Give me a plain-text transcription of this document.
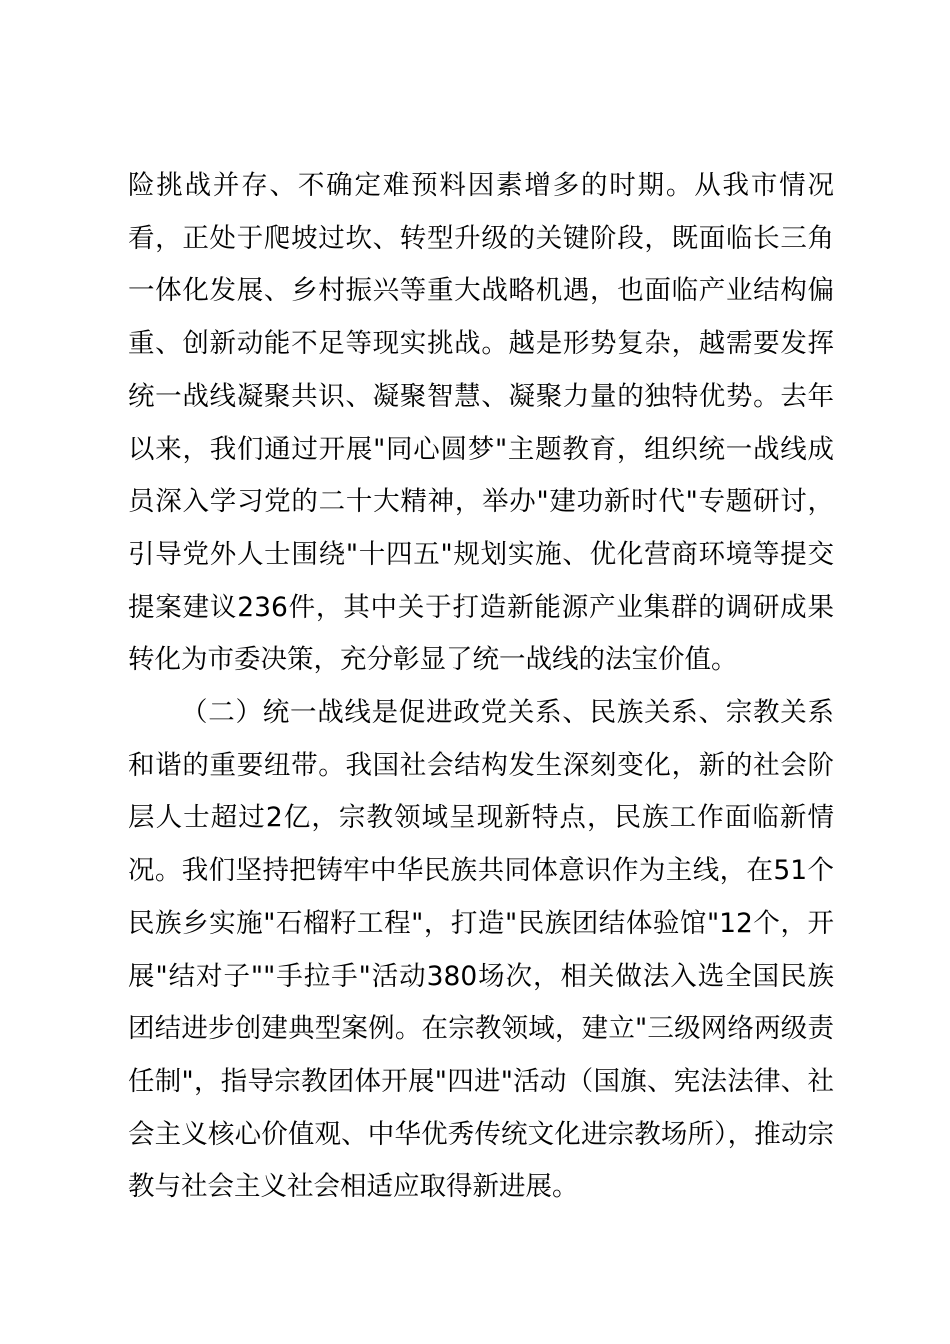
险挑战并存、不确定难预料因素增多的时期。从我市情况看，正处于爬坡过坎、转型升级的关键阶段，既面临长三角一体化发展、乡村振兴等重大战略机遇，也面临产业结构偏重、创新动能不足等现实挑战。越是形势复杂，越需要发挥统一战线凝聚共识、凝聚智慧、凝聚力量的独特优势。去年以来，我们通过开展"同心圆梦"主题教育，组织统一战线成员深入学习党的二十大精神，举办"建功新时代"专题研讨，引导党外人士围绕"十四五"规划实施、优化营商环境等提交提案建议236件，其中关于打造新能源产业集群的调研成果转化为市委决策，充分彰显了统一战线的法宝价值。

（二）统一战线是促进政党关系、民族关系、宗教关系和谐的重要纽带。我国社会结构发生深刻变化，新的社会阶层人士超过2亿，宗教领域呈现新特点，民族工作面临新情况。我们坚持把铸牢中华民族共同体意识作为主线，在51个民族乡实施"石榴籽工程"，打造"民族团结体验馆"12个，开展"结对子""手拉手"活动380场次，相关做法入选全国民族团结进步创建典型案例。在宗教领域，建立"三级网络两级责任制"，指导宗教团体开展"四进"活动（国旗、宪法法律、社会主义核心价值观、中华优秀传统文化进宗教场所），推动宗教与社会主义社会相适应取得新进展。
